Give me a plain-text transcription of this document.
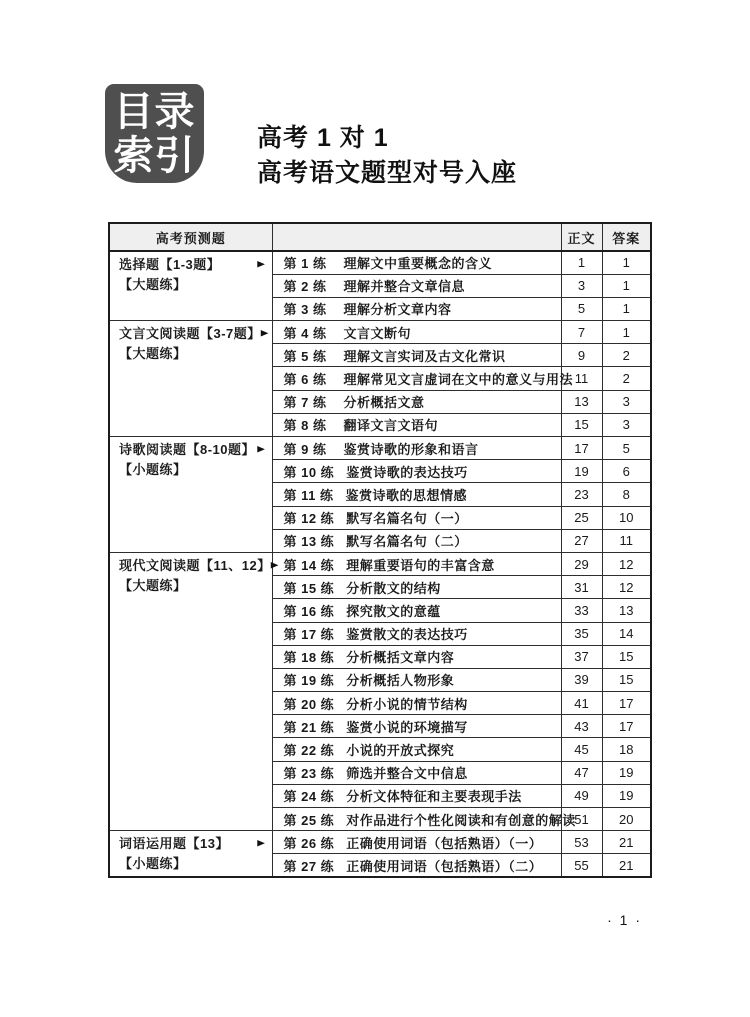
目录
索引 高考 1 对 1
高考语文题型对号入座
高考预测题		正文	答案

选择题【1-3题】 ▶
【大题练】	第 1 练 理解文中重要概念的含义	1	1
	第 2 练 理解并整合文章信息	3	1
	第 3 练 理解分析文章内容	5	1

文言文阅读题【3-7题】 ▶
【大题练】	第 4 练 文言文断句	7	1
	第 5 练 理解文言实词及古文化常识	9	2
	第 6 练 理解常见文言虚词在文中的意义与用法	11	2
	第 7 练 分析概括文意	13	3
	第 8 练 翻译文言文语句	15	3

诗歌阅读题【8-10题】 ▶
【小题练】	第 9 练 鉴赏诗歌的形象和语言	17	5
	第 10 练 鉴赏诗歌的表达技巧	19	6
	第 11 练 鉴赏诗歌的思想情感	23	8
	第 12 练 默写名篇名句（一）	25	10
	第 13 练 默写名篇名句（二）	27	11

现代文阅读题【11、12】 ▶
【大题练】	第 14 练 理解重要语句的丰富含意	29	12
	第 15 练 分析散文的结构	31	12
	第 16 练 探究散文的意蕴	33	13
	第 17 练 鉴赏散文的表达技巧	35	14
	第 18 练 分析概括文章内容	37	15
	第 19 练 分析概括人物形象	39	15
	第 20 练 分析小说的情节结构	41	17
	第 21 练 鉴赏小说的环境描写	43	17
	第 22 练 小说的开放式探究	45	18
	第 23 练 筛选并整合文中信息	47	19
	第 24 练 分析文体特征和主要表现手法	49	19
	第 25 练 对作品进行个性化阅读和有创意的解读	51	20

词语运用题【13】 ▶
【小题练】	第 26 练 正确使用词语（包括熟语）（一）	53	21
	第 27 练 正确使用词语（包括熟语）（二）	55	21
· 1 ·
